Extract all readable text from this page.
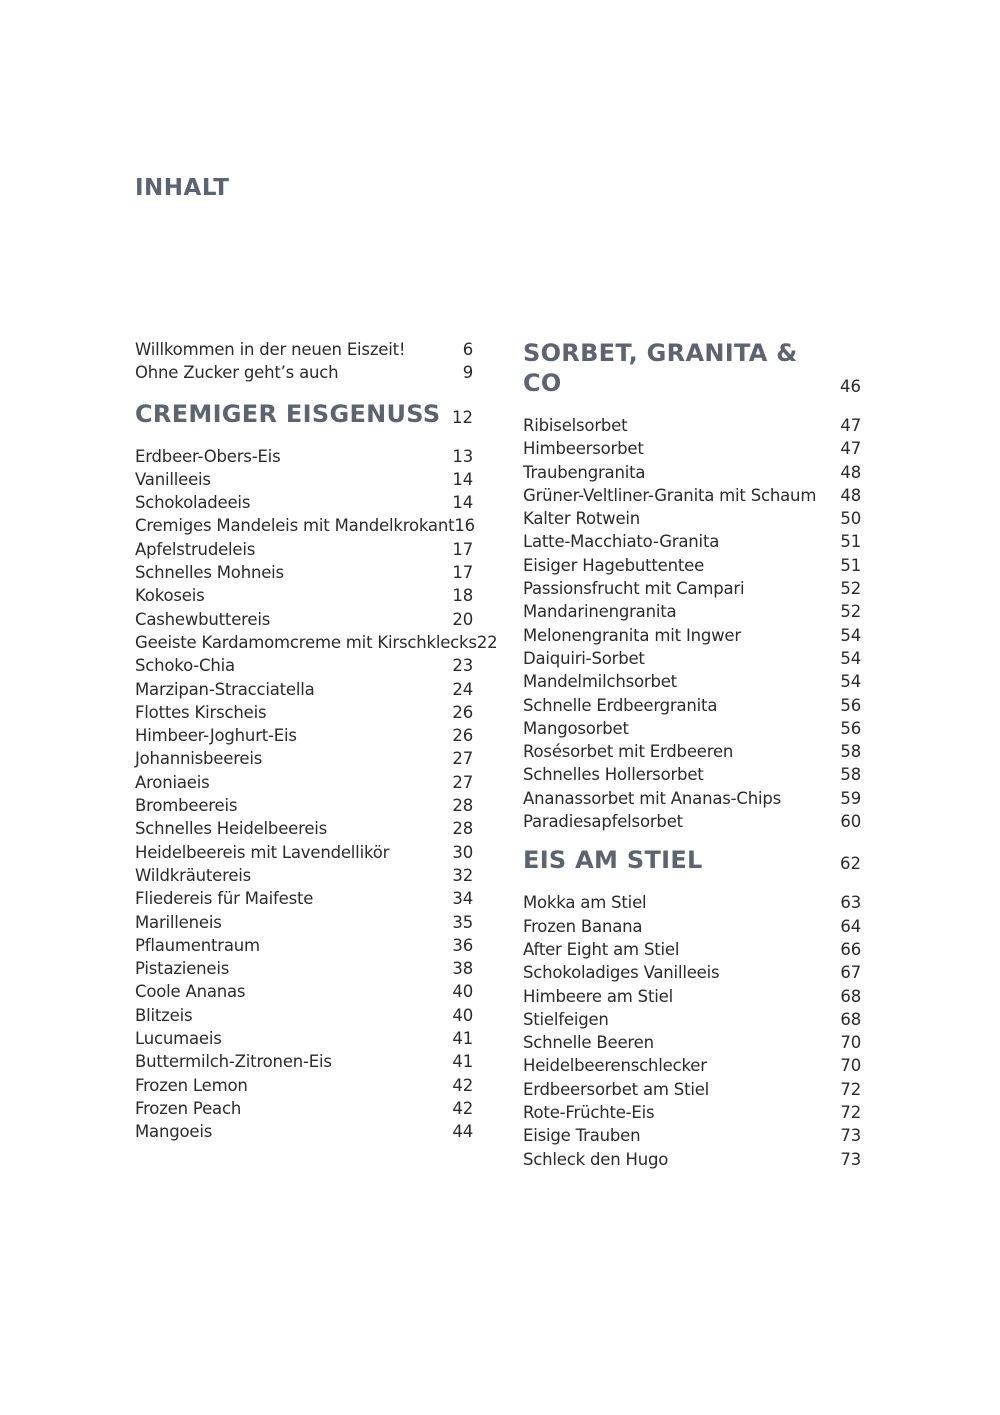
INHALT
Willkommen in der neuen Eiszeit!	6
Ohne Zucker geht’s auch	9
CREMIGER EISGENUSS 12
Erdbeer-Obers-Eis	13
Vanilleeis	14
Schokoladeeis	14
Cremiges Mandeleis mit Mandelkrokant 16
Apfelstrudeleis	17
Schnelles Mohneis	17
Kokoseis	18
Cashewbuttereis	20
Geeiste Kardamomcreme mit Kirschklecks 22
Schoko-Chia	23
Marzipan-Stracciatella	24
Flottes Kirscheis	26
Himbeer-Joghurt-Eis	26
Johannisbeereis	27
Aroniaeis	27
Brombeereis	28
Schnelles Heidelbeereis	28
Heidelbeereis mit Lavendellikör	30
Wildkräutereis	32
Fliedereis für Maifeste	34
Marilleneis	35
Pflaumentraum	36
Pistazieneis	38
Coole Ananas	40
Blitzeis	40
Lucumaeis	41
Buttermilch-Zitronen-Eis	41
Frozen Lemon	42
Frozen Peach	42
Mangoeis	44
SORBET, GRANITA & CO	46
Ribiselsorbet	47
Himbeersorbet	47
Traubengranita	48
Grüner-Veltliner-Granita mit Schaum 48
Kalter Rotwein	50
Latte-Macchiato-Granita	51
Eisiger Hagebuttentee	51
Passionsfrucht mit Campari	52
Mandarinengranita	52
Melonengranita mit Ingwer	54
Daiquiri-Sorbet	54
Mandelmilchsorbet	54
Schnelle Erdbeergranita	56
Mangosorbet	56
Rosésorbet mit Erdbeeren	58
Schnelles Hollersorbet	58
Ananassorbet mit Ananas-Chips	59
Paradiesapfelsorbet	60
EIS AM STIEL	62
Mokka am Stiel	63
Frozen Banana	64
After Eight am Stiel	66
Schokoladiges Vanilleeis	67
Himbeere am Stiel	68
Stielfeigen	68
Schnelle Beeren	70
Heidelbeerenschlecker	70
Erdbeersorbet am Stiel	72
Rote-Früchte-Eis	72
Eisige Trauben	73
Schleck den Hugo	73
